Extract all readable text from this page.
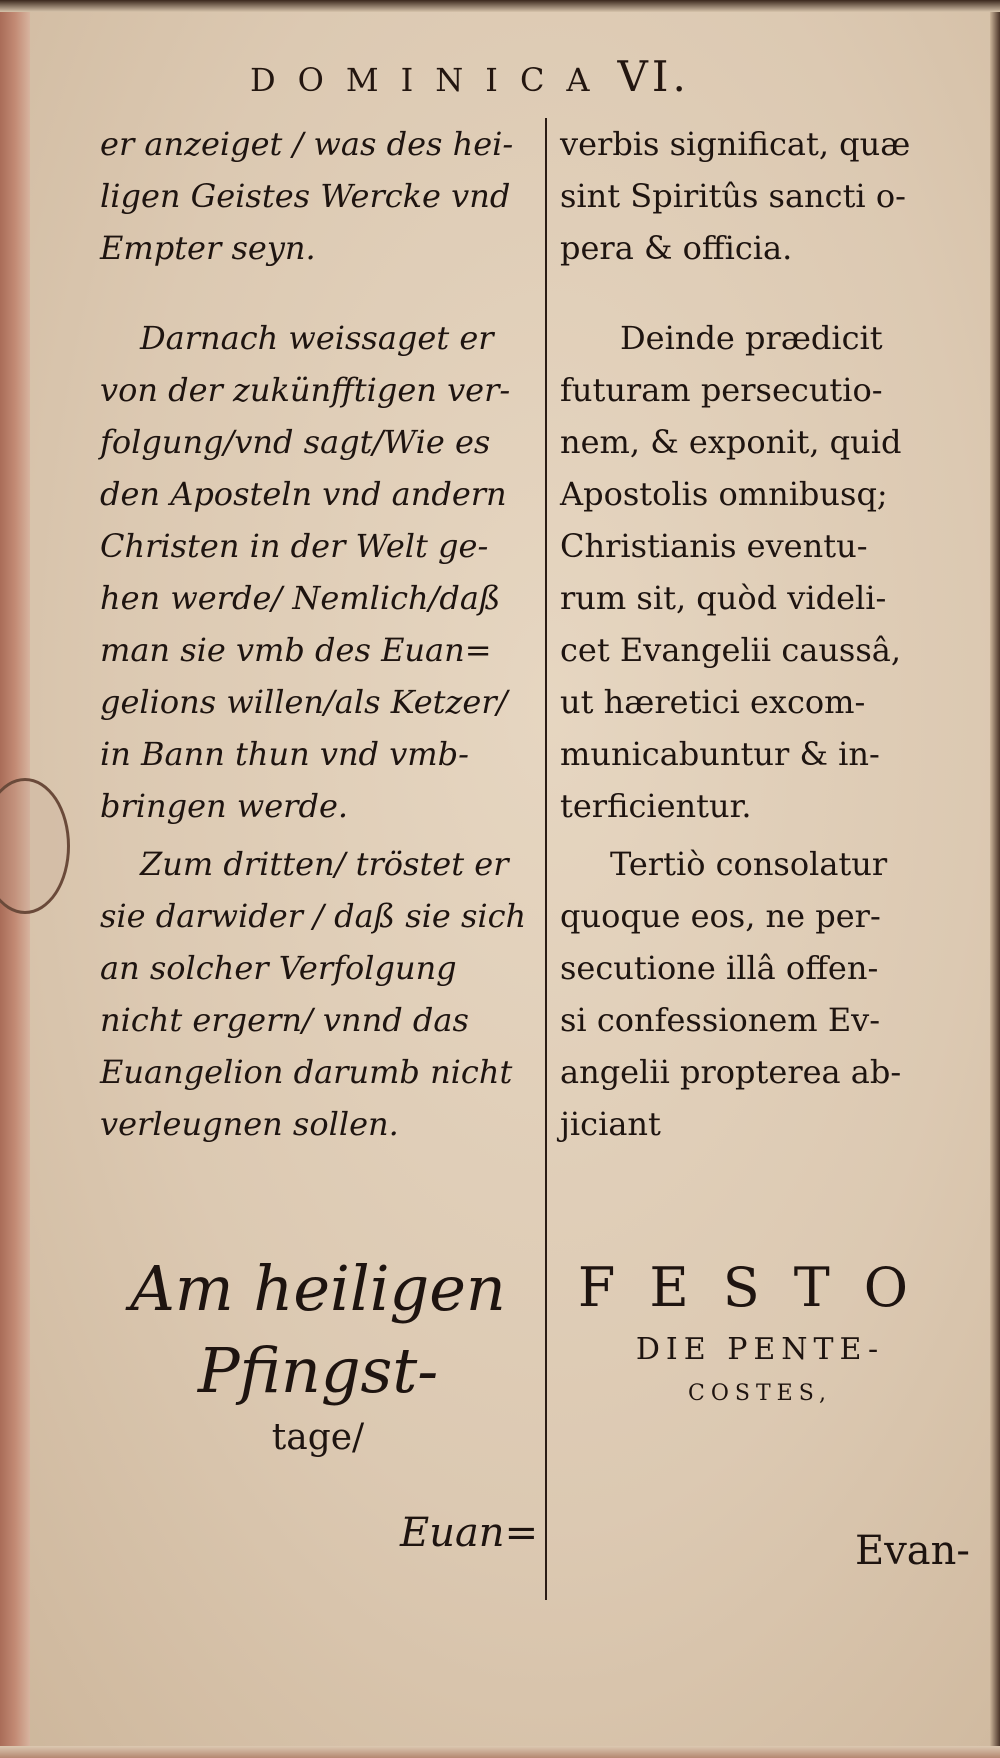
DOMINICA VI.
er anzeiget / was des hei-
ligen Geistes Wercke vnd
Empter seyn.
Darnach weissaget er
von der zukünfftigen ver-
folgung/vnd sagt/Wie es
den Aposteln vnd andern
Christen in der Welt ge-
hen werde/ Nemlich/daß
man sie vmb des Euan=
gelions willen/als Ketzer/
in Bann thun vnd vmb-
bringen werde.
Zum dritten/ tröstet er
sie darwider / daß sie sich
an solcher Verfolgung
nicht ergern/ vnnd das
Euangelion darumb nicht
verleugnen sollen.
verbis significat, quæ
sint Spiritûs sancti o-
pera & officia.
Deinde prædicit
futuram persecutio-
nem, & exponit, quid
Apostolis omnibusq;
Christianis eventu-
rum sit, quòd videli-
cet Evangelii caussâ,
ut hæretici excom-
municabuntur & in-
terficientur.
Tertiò consolatur
quoque eos, ne per-
secutione illâ offen-
si confessionem Ev-
angelii propterea ab-
jiciant
Am heiligen
Pfingst-
tage/
FESTO
DIE PENTE-
COSTES,
Euan=	Evan-
